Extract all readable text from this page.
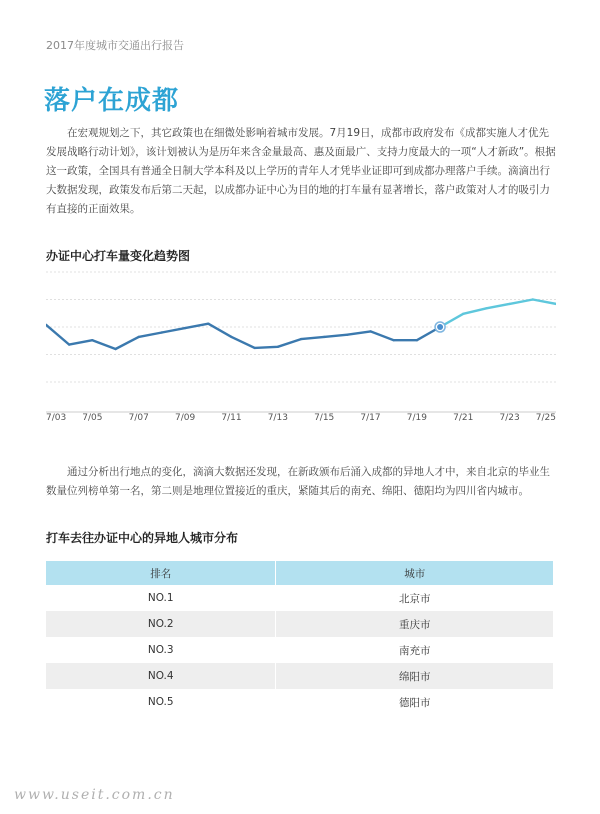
2017年度城市交通出行报告
落户在成都

在宏观规划之下，其它政策也在细微处影响着城市发展。7月19日，成都市政府发布《成都实施人才优先发展战略行动计划》，该计划被认为是历年来含金量最高、惠及面最广、支持力度最大的一项“人才新政”。根据这一政策，全国具有普通全日制大学本科及以上学历的青年人才凭毕业证即可到成都办理落户手续。滴滴出行大数据发现，政策发布后第二天起，以成都办证中心为目的地的打车量有显著增长，落户政策对人才的吸引力有直接的正面效果。

办证中心打车量变化趋势图
7/03 7/05	7/07	7/09	7/11	7/13	7/15	7/17	7/19	7/21	7/23 7/25

通过分析出行地点的变化，滴滴大数据还发现，在新政颁布后涌入成都的异地人才中，来自北京的毕业生数量位列榜单第一名，第二则是地理位置接近的重庆，紧随其后的南充、绵阳、德阳均为四川省内城市。

打车去往办证中心的异地人城市分布
排名	城市
NO.1	北京市
NO.2	重庆市
NO.3	南充市
NO.4	绵阳市
NO.5	德阳市
www.useit.com.cn
